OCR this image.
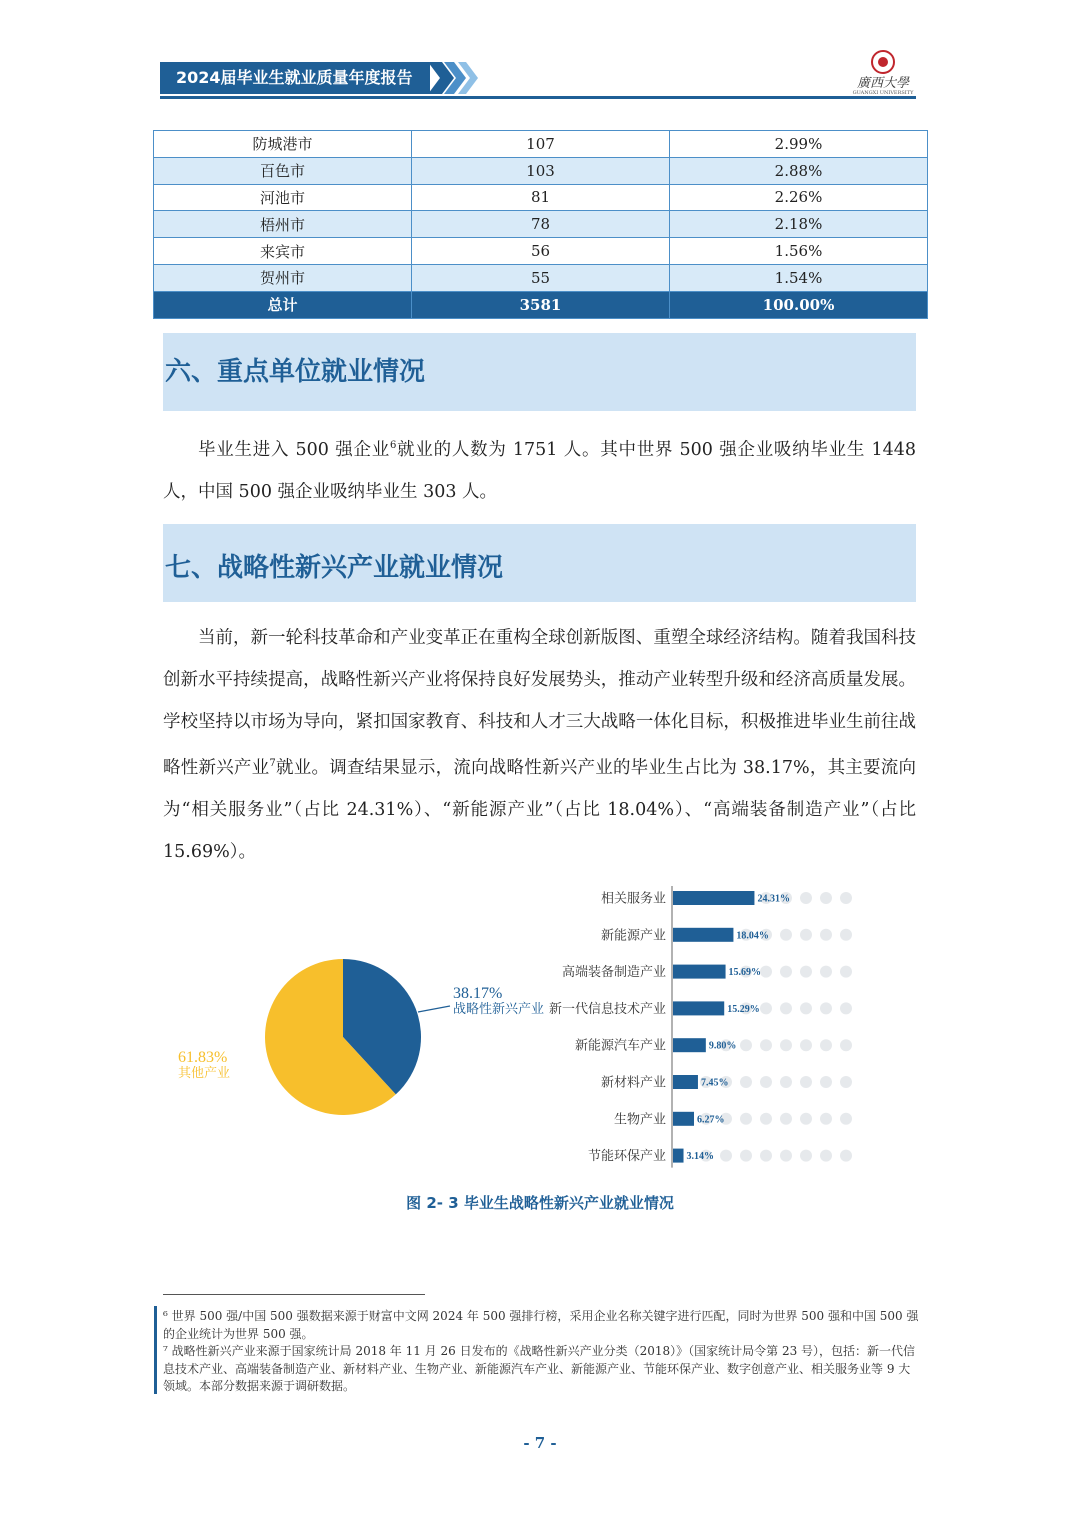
2024届毕业生就业质量年度报告	廣西大學
GUANGXI UNIVERSITY
防城港市	107	2.99%
百色市	103	2.88%
河池市	81	2.26%
梧州市	78	2.18%
来宾市	56	1.56%
贺州市	55	1.54%
总计	3581	100.00%
六、重点单位就业情况

毕业生进入 500 强企业$^6$就业的人数为 1751 人。其中世界 500 强企业吸纳毕业生 1448 人，中国 500 强企业吸纳毕业生 303 人。

七、战略性新兴产业就业情况

当前，新一轮科技革命和产业变革正在重构全球创新版图、重塑全球经济结构。随着我国科技创新水平持续提高，战略性新兴产业将保持良好发展势头，推动产业转型升级和经济高质量发展。学校坚持以市场为导向，紧扣国家教育、科技和人才三大战略一体化目标，积极推进毕业生前往战略性新兴产业$^7$就业。调查结果显示，流向战略性新兴产业的毕业生占比为 38.17%，其主要流向为“相关服务业”（占比 24.31%）、“新能源产业”（占比 18.04%）、“高端装备制造产业”（占比 15.69%）。

38.17%
战略性新兴产业
61.83%
其他产业
相关服务业	24.31%
新能源产业	18.04%
高端装备制造产业	15.69%
新一代信息技术产业	15.29%
新能源汽车产业	9.80%
新材料产业	7.45%
生物产业	6.27%
节能环保产业 3.14%
图 2- 3 毕业生战略性新兴产业就业情况

⁶ 世界 500 强/中国 500 强数据来源于财富中文网 2024 年 500 强排行榜，采用企业名称关键字进行匹配，同时为世界 500 强和中国 500 强的企业统计为世界 500 强。

⁷ 战略性新兴产业来源于国家统计局 2018 年 11 月 26 日发布的《战略性新兴产业分类（2018）》（国家统计局令第 23 号），包括：新一代信息技术产业、高端装备制造产业、新材料产业、生物产业、新能源汽车产业、新能源产业、节能环保产业、数字创意产业、相关服务业等 9 大领域。本部分数据来源于调研数据。

- 7 -
